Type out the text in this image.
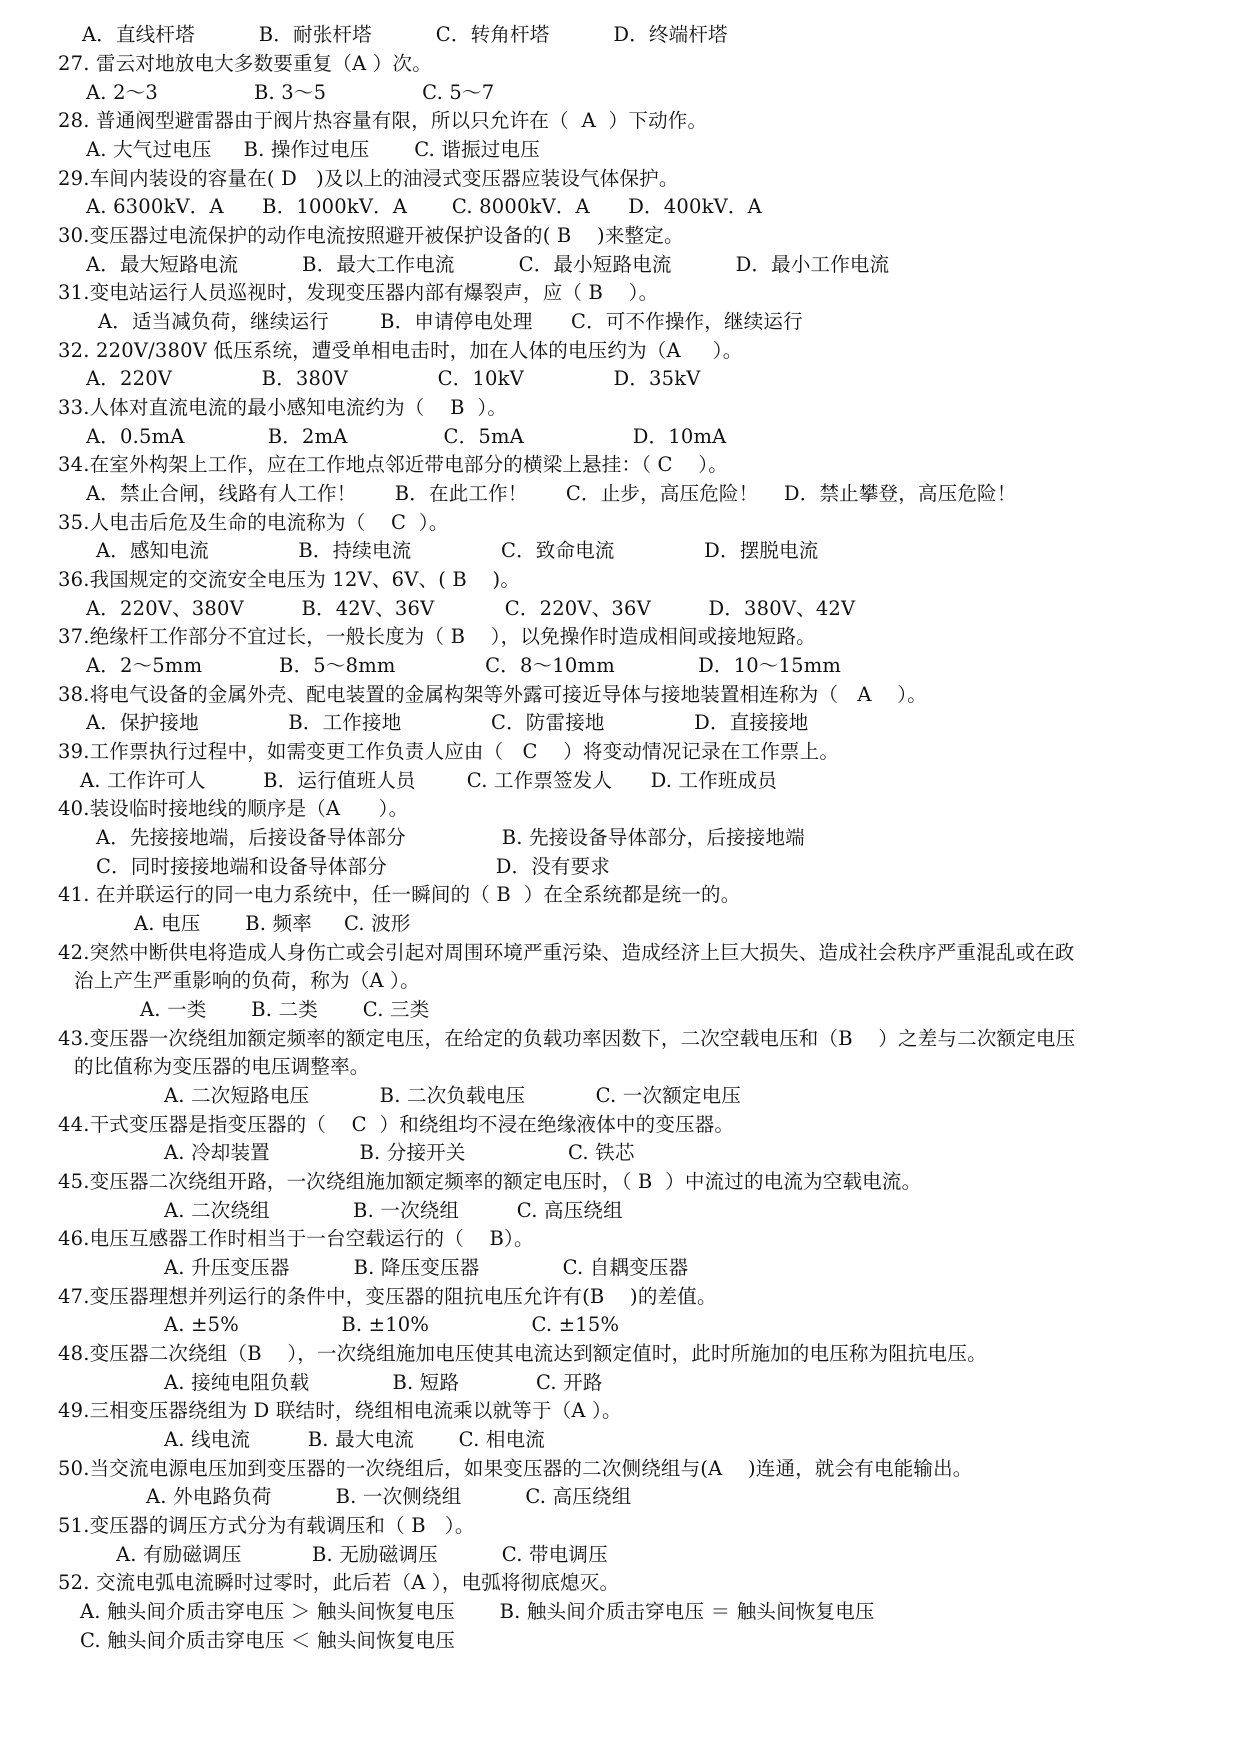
A．直线杆塔          B．耐张杆塔          C．转角杆塔          D．终端杆塔
27. 雷云对地放电大多数要重复（A ）次。
A. 2～3               B. 3～5               C. 5～7
28. 普通阀型避雷器由于阀片热容量有限，所以只允许在（  A  ）下动作。
A. 大气过电压     B. 操作过电压       C. 谐振过电压
29.车间内装设的容量在( D   )及以上的油浸式变压器应装设气体保护。
A. 6300kV．A      B．1000kV．A       C. 8000kV．A      D．400kV．A
30.变压器过电流保护的动作电流按照避开被保护设备的( B    )来整定。
A．最大短路电流          B．最大工作电流          C．最小短路电流          D．最小工作电流
31.变电站运行人员巡视时，发现变压器内部有爆裂声，应（ B    ）。
A．适当减负荷，继续运行        B．申请停电处理      C．可不作操作，继续运行
32. 220V/380V 低压系统，遭受单相电击时，加在人体的电压约为（A     ）。
A．220V              B．380V              C．10kV              D．35kV
33.人体对直流电流的最小感知电流约为（    B  ）。
A．0.5mA             B．2mA               C．5mA                 D．10mA
34.在室外构架上工作，应在工作地点邻近带电部分的横梁上悬挂：（ C    ）。
A．禁止合闸，线路有人工作！      B．在此工作！      C．止步，高压危险！    D．禁止攀登，高压危险！
35.人电击后危及生命的电流称为（    C  ）。
A．感知电流              B．持续电流              C．致命电流              D．摆脱电流
36.我国规定的交流安全电压为 12V、6V、( B    )。
A．220V、380V         B．42V、36V           C．220V、36V         D．380V、42V
37.绝缘杆工作部分不宜过长，一般长度为（ B    ），以免操作时造成相间或接地短路。
A．2～5mm            B．5～8mm              C．8～10mm             D．10～15mm
38.将电气设备的金属外壳、配电装置的金属构架等外露可接近导体与接地装置相连称为（   A    ）。
A．保护接地              B．工作接地              C．防雷接地              D．直接接地
39.工作票执行过程中，如需变更工作负责人应由（   C    ）将变动情况记录在工作票上。
A. 工作许可人         B．运行值班人员        C. 工作票签发人      D. 工作班成员
40.装设临时接地线的顺序是（A      ）。
A．先接接地端，后接设备导体部分               B. 先接设备导体部分，后接接地端
C．同时接接地端和设备导体部分                 D．没有要求
41. 在并联运行的同一电力系统中，任一瞬间的（ B  ）在全系统都是统一的。
A. 电压       B. 频率     C. 波形
42.突然中断供电将造成人身伤亡或会引起对周围环境严重污染、造成经济上巨大损失、造成社会秩序严重混乱或在政
治上产生严重影响的负荷，称为（A ）。
A. 一类       B. 二类       C. 三类
43.变压器一次绕组加额定频率的额定电压，在给定的负载功率因数下，二次空载电压和（B    ）之差与二次额定电压
的比值称为变压器的电压调整率。
A. 二次短路电压           B. 二次负载电压           C. 一次额定电压
44.干式变压器是指变压器的（    C  ）和绕组均不浸在绝缘液体中的变压器。
A. 冷却装置              B. 分接开关                C. 铁芯
45.变压器二次绕组开路，一次绕组施加额定频率的额定电压时，（ B  ）中流过的电流为空载电流。
A. 二次绕组             B. 一次绕组         C. 高压绕组
46.电压互感器工作时相当于一台空载运行的（    B）。
A. 升压变压器          B. 降压变压器             C. 自耦变压器
47.变压器理想并列运行的条件中，变压器的阻抗电压允许有(B    )的差值。
A. ±5%                B. ±10%                C. ±15%
48.变压器二次绕组（B    ），一次绕组施加电压使其电流达到额定值时，此时所施加的电压称为阻抗电压。
A. 接纯电阻负载             B. 短路            C. 开路
49.三相变压器绕组为 D 联结时，绕组相电流乘以就等于（A ）。
A. 线电流         B. 最大电流       C. 相电流
50.当交流电源电压加到变压器的一次绕组后，如果变压器的二次侧绕组与(A    )连通，就会有电能输出。
A. 外电路负荷          B. 一次侧绕组          C. 高压绕组
51.变压器的调压方式分为有载调压和（ B   ）。
A. 有励磁调压           B. 无励磁调压          C. 带电调压
52. 交流电弧电流瞬时过零时，此后若（A ），电弧将彻底熄灭。
A. 触头间介质击穿电压 ＞ 触头间恢复电压       B. 触头间介质击穿电压 ＝ 触头间恢复电压
C. 触头间介质击穿电压 ＜ 触头间恢复电压
